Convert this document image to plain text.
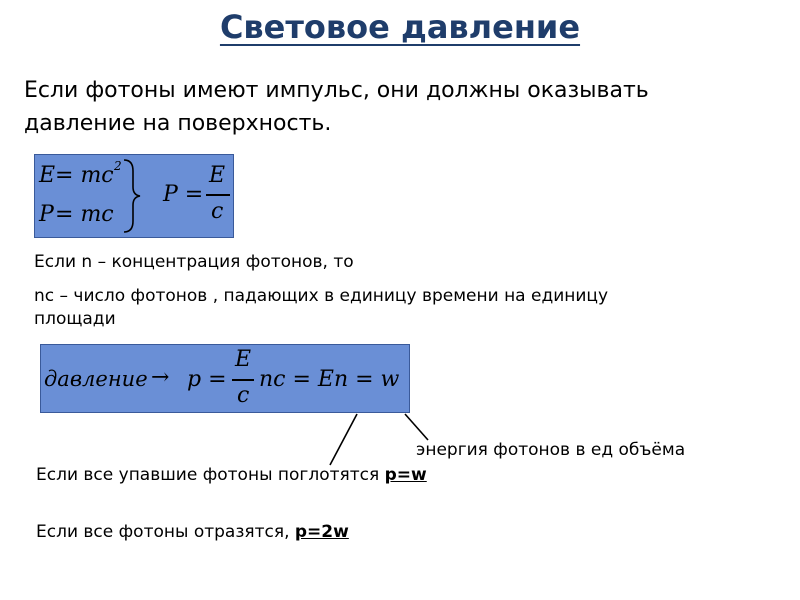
Световое давление
Если фотоны имеют импульс, они должны оказывать
давление на поверхность.
E = mc 2
P = mc
P =
E
c
Если n – концентрация фотонов, то
nc – число фотонов , падающих в единицу времени на единицу
площади
давление → p =
E
c
nc = En = w
энергия фотонов в ед объёма
Если все упавшие фотоны поглотятся p=w
Если все фотоны отразятся, p=2w
